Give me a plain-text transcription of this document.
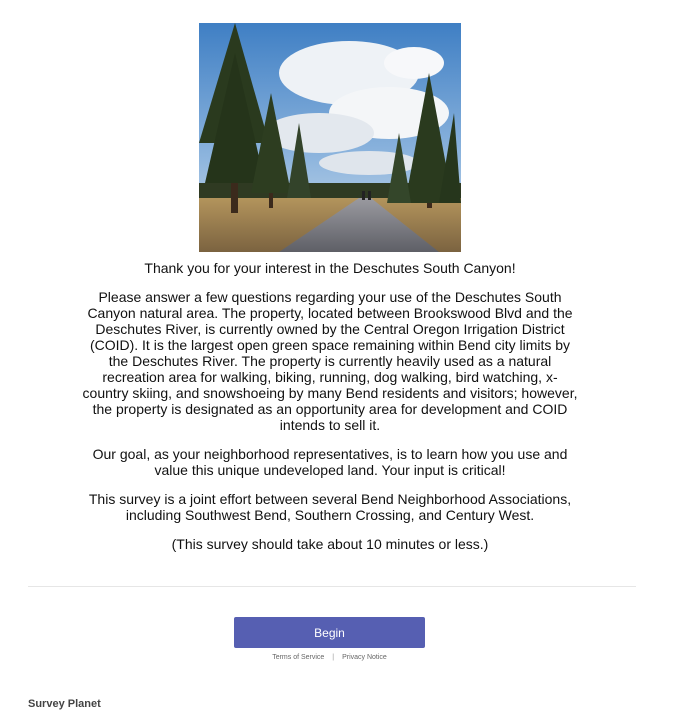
Thank you for your interest in the Deschutes South Canyon!

Please answer a few questions regarding your use of the Deschutes South Canyon natural area. The property, located between Brookswood Blvd and the Deschutes River, is currently owned by the Central Oregon Irrigation District (COID). It is the largest open green space remaining within Bend city limits by the Deschutes River. The property is currently heavily used as a natural recreation area for walking, biking, running, dog walking, bird watching, x-country skiing, and snowshoeing by many Bend residents and visitors; however, the property is designated as an opportunity area for development and COID intends to sell it.

Our goal, as your neighborhood representatives, is to learn how you use and value this unique undeveloped land. Your input is critical!

This survey is a joint effort between several Bend Neighborhood Associations, including Southwest Bend, Southern Crossing, and Century West.

(This survey should take about 10 minutes or less.)

Begin
Terms of Service | Privacy Notice
Survey Planet
